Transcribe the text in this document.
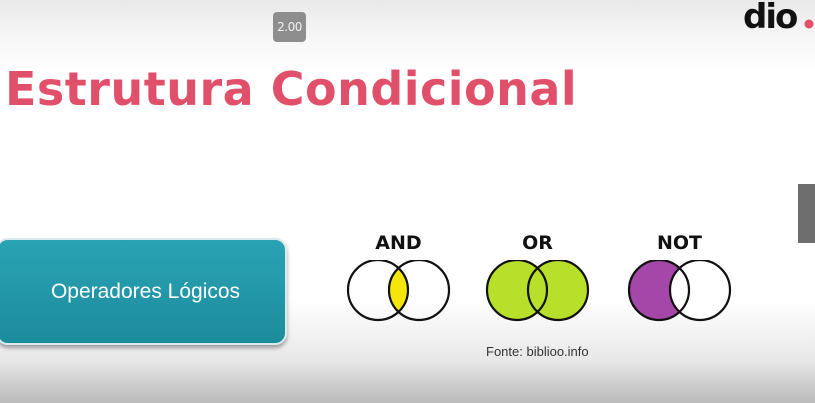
2.00	dio
Estrutura Condicional
Operadores Lógicos
AND	OR	NOT
Fonte: biblioo.info
